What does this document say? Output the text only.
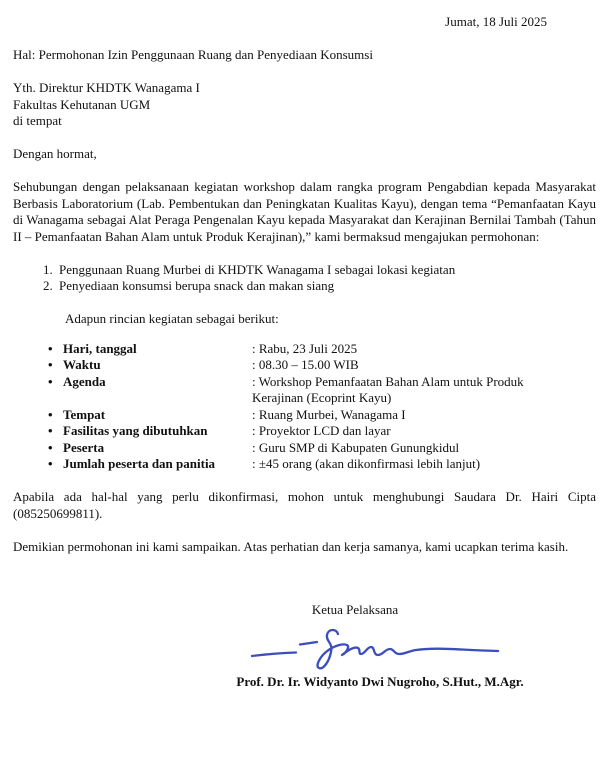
Jumat, 18 Juli 2025
Hal: Permohonan Izin Penggunaan Ruang dan Penyediaan Konsumsi
Yth. Direktur KHDTK Wanagama I
Fakultas Kehutanan UGM
di tempat
Dengan hormat,

Sehubungan dengan pelaksanaan kegiatan workshop dalam rangka program Pengabdian kepada Masyarakat Berbasis Laboratorium (Lab. Pembentukan dan Peningkatan Kualitas Kayu), dengan tema “Pemanfaatan Kayu di Wanagama sebagai Alat Peraga Pengenalan Kayu kepada Masyarakat dan Kerajinan Bernilai Tambah (Tahun II – Pemanfaatan Bahan Alam untuk Produk Kerajinan),” kami bermaksud mengajukan permohonan:

1. Penggunaan Ruang Murbei di KHDTK Wanagama I sebagai lokasi kegiatan
2. Penyediaan konsumsi berupa snack dan makan siang
Adapun rincian kegiatan sebagai berikut:
• Hari, tanggal	: Rabu, 23 Juli 2025
• Waktu	: 08.30 – 15.00 WIB
• Agenda	: Workshop Pemanfaatan Bahan Alam untuk Produk Kerajinan (Ecoprint Kayu)
• Tempat	: Ruang Murbei, Wanagama I
• Fasilitas yang dibutuhkan	: Proyektor LCD dan layar
• Peserta	: Guru SMP di Kabupaten Gunungkidul
• Jumlah peserta dan panitia	: ±45 orang (akan dikonfirmasi lebih lanjut)

Apabila ada hal-hal yang perlu dikonfirmasi, mohon untuk menghubungi Saudara Dr. Hairi Cipta (085250699811).

Demikian permohonan ini kami sampaikan. Atas perhatian dan kerja samanya, kami ucapkan terima kasih.

Ketua Pelaksana
Prof. Dr. Ir. Widyanto Dwi Nugroho, S.Hut., M.Agr.
